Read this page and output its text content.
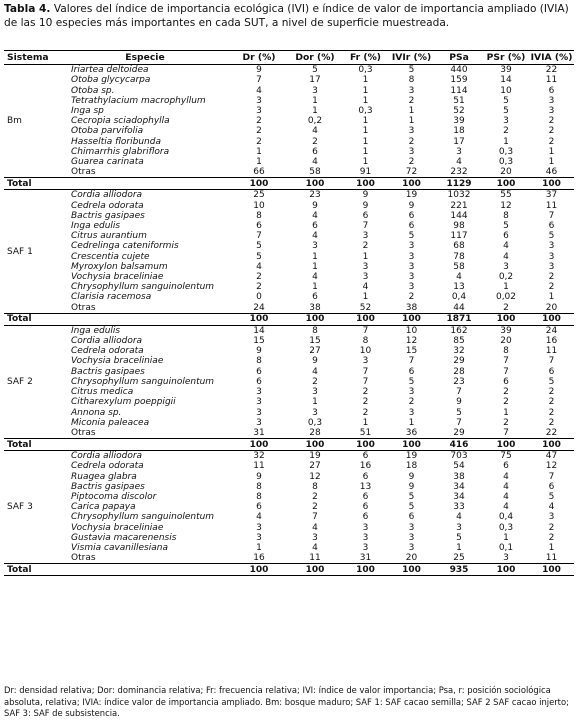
Tabla 4. Valores del índice de importancia ecológica (IVI) e índice de valor de importancia ampliado (IVIA) de las 10 especies más importantes en cada SUT, a nivel de superficie muestreada.
Sistema	Especie	Dr (%)	Dor (%)	Fr (%)	IVIr (%)	PSa	PSr (%)	IVIA (%)
Bm	Iriartea deltoidea	9	5	0,3	5	440	39	22
	Otoba glycycarpa	7	17	1	8	159	14	11
	Otoba sp.	4	3	1	3	114	10	6
	Tetrathylacium macrophyllum	3	1	1	2	51	5	3
	Inga sp	3	1	0,3	1	52	5	3
	Cecropia sciadophylla	2	0,2	1	1	39	3	2
	Otoba parvifolia	2	4	1	3	18	2	2
	Hasseltia floribunda	2	2	1	2	17	1	2
	Chimarrhis glabriflora	1	6	1	3	3	0,3	1
	Guarea carinata	1	4	1	2	4	0,3	1
	Otras	66	58	91	72	232	20	46
Total		100	100	100	100	1129	100	100
SAF 1	Cordia alliodora	25	23	9	19	1032	55	37
	Cedrela odorata	10	9	9	9	221	12	11
	Bactris gasipaes	8	4	6	6	144	8	7
	Inga edulis	6	6	7	6	98	5	6
	Citrus aurantium	7	4	3	5	117	6	5
	Cedrelinga cateniformis	5	3	2	3	68	4	3
	Crescentia cujete	5	1	1	3	78	4	3
	Myroxylon balsamum	4	1	3	3	58	3	3
	Vochysia braceliniae	2	4	3	3	4	0,2	2
	Chrysophyllum sanguinolentum	2	1	4	3	13	1	2
	Clarisia racemosa	0	6	1	2	0,4	0,02	1
	Otras	24	38	52	38	44	2	20
Total		100	100	100	100	1871	100	100
SAF 2	Inga edulis	14	8	7	10	162	39	24
	Cordia alliodora	15	15	8	12	85	20	16
	Cedrela odorata	9	27	10	15	32	8	11
	Vochysia braceliniae	8	9	3	7	29	7	7
	Bactris gasipaes	6	4	7	6	28	7	6
	Chrysophyllum sanguinolentum	6	2	7	5	23	6	5
	Citrus medica	3	3	2	3	7	2	2
	Citharexylum poeppigii	3	1	2	2	9	2	2
	Annona sp.	3	3	2	3	5	1	2
	Miconia paleacea	3	0,3	1	1	7	2	2
	Otras	31	28	51	36	29	7	22
Total		100	100	100	100	416	100	100
SAF 3	Cordia alliodora	32	19	6	19	703	75	47
	Cedrela odorata	11	27	16	18	54	6	12
	Ruagea glabra	9	12	6	9	38	4	7
	Bactris gasipaes	8	8	13	9	34	4	6
	Piptocoma discolor	8	2	6	5	34	4	5
	Carica papaya	6	2	6	5	33	4	4
	Chrysophyllum sanguinolentum	4	7	6	6	4	0,4	3
	Vochysia braceliniae	3	4	3	3	3	0,3	2
	Gustavia macarenensis	3	3	3	3	5	1	2
	Vismia cavanillesiana	1	4	3	3	1	0,1	1
	Otras	16	11	31	20	25	3	11
Total		100	100	100	100	935	100	100
Dr: densidad relativa; Dor: dominancia relativa; Fr: frecuencia relativa; IVI: índice de valor importancia; Psa, r: posición sociológica absoluta, relativa; IVIA: índice valor de importancia ampliado. Bm: bosque maduro; SAF 1: SAF cacao semilla; SAF 2 SAF cacao injerto; SAF 3: SAF de subsistencia.
